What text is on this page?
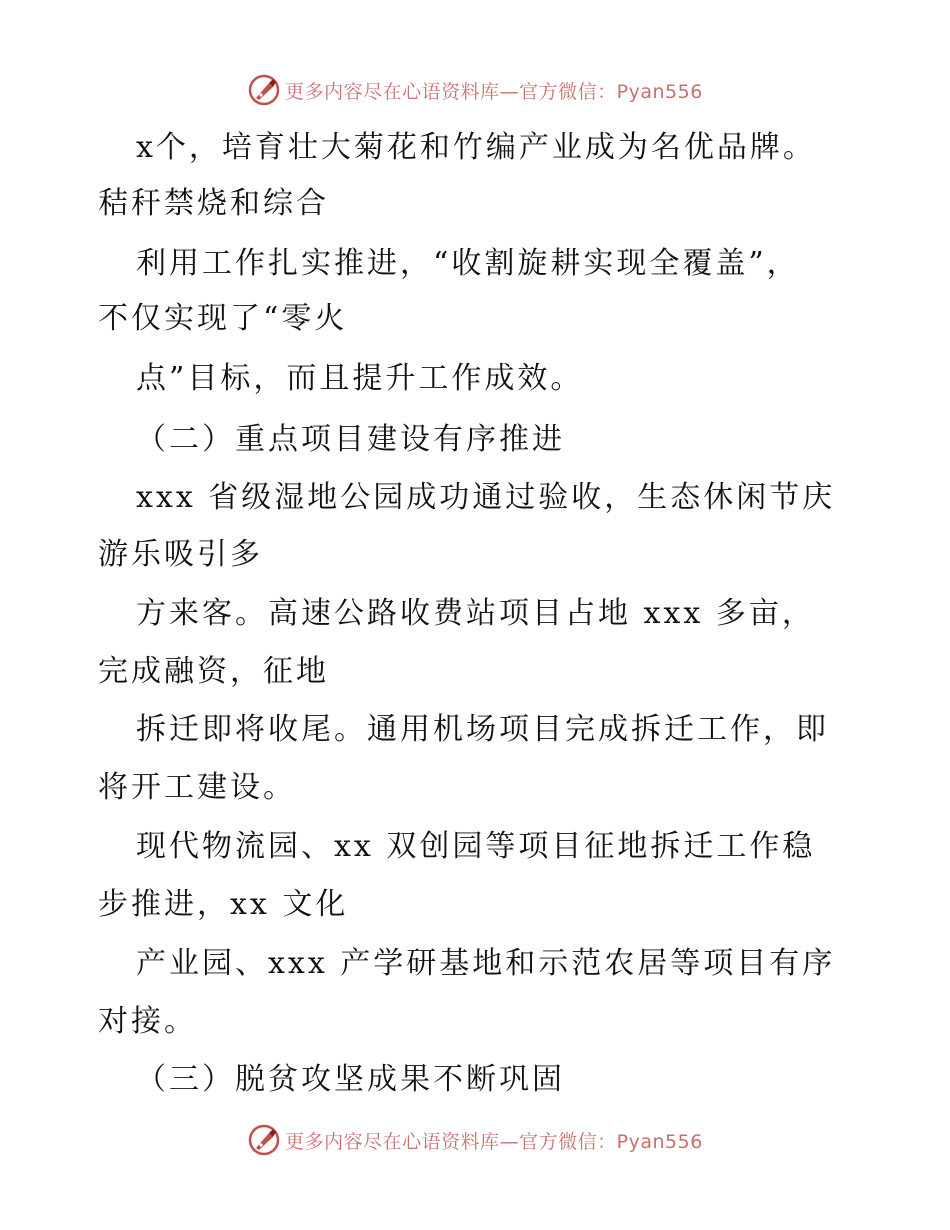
更多内容尽在心语资料库—官方微信：Pyan556
x个，培育壮大菊花和竹编产业成为名优品牌。
秸秆禁烧和综合
利用工作扎实推进，“收割旋耕实现全覆盖”，
不仅实现了“零火
点”目标，而且提升工作成效。
（二）重点项目建设有序推进
xxx 省级湿地公园成功通过验收，生态休闲节庆
游乐吸引多
方来客。高速公路收费站项目占地 xxx 多亩，
完成融资，征地
拆迁即将收尾。通用机场项目完成拆迁工作，即
将开工建设。
现代物流园、xx 双创园等项目征地拆迁工作稳
步推进，xx 文化
产业园、xxx 产学研基地和示范农居等项目有序
对接。
（三）脱贫攻坚成果不断巩固
更多内容尽在心语资料库—官方微信：Pyan556
